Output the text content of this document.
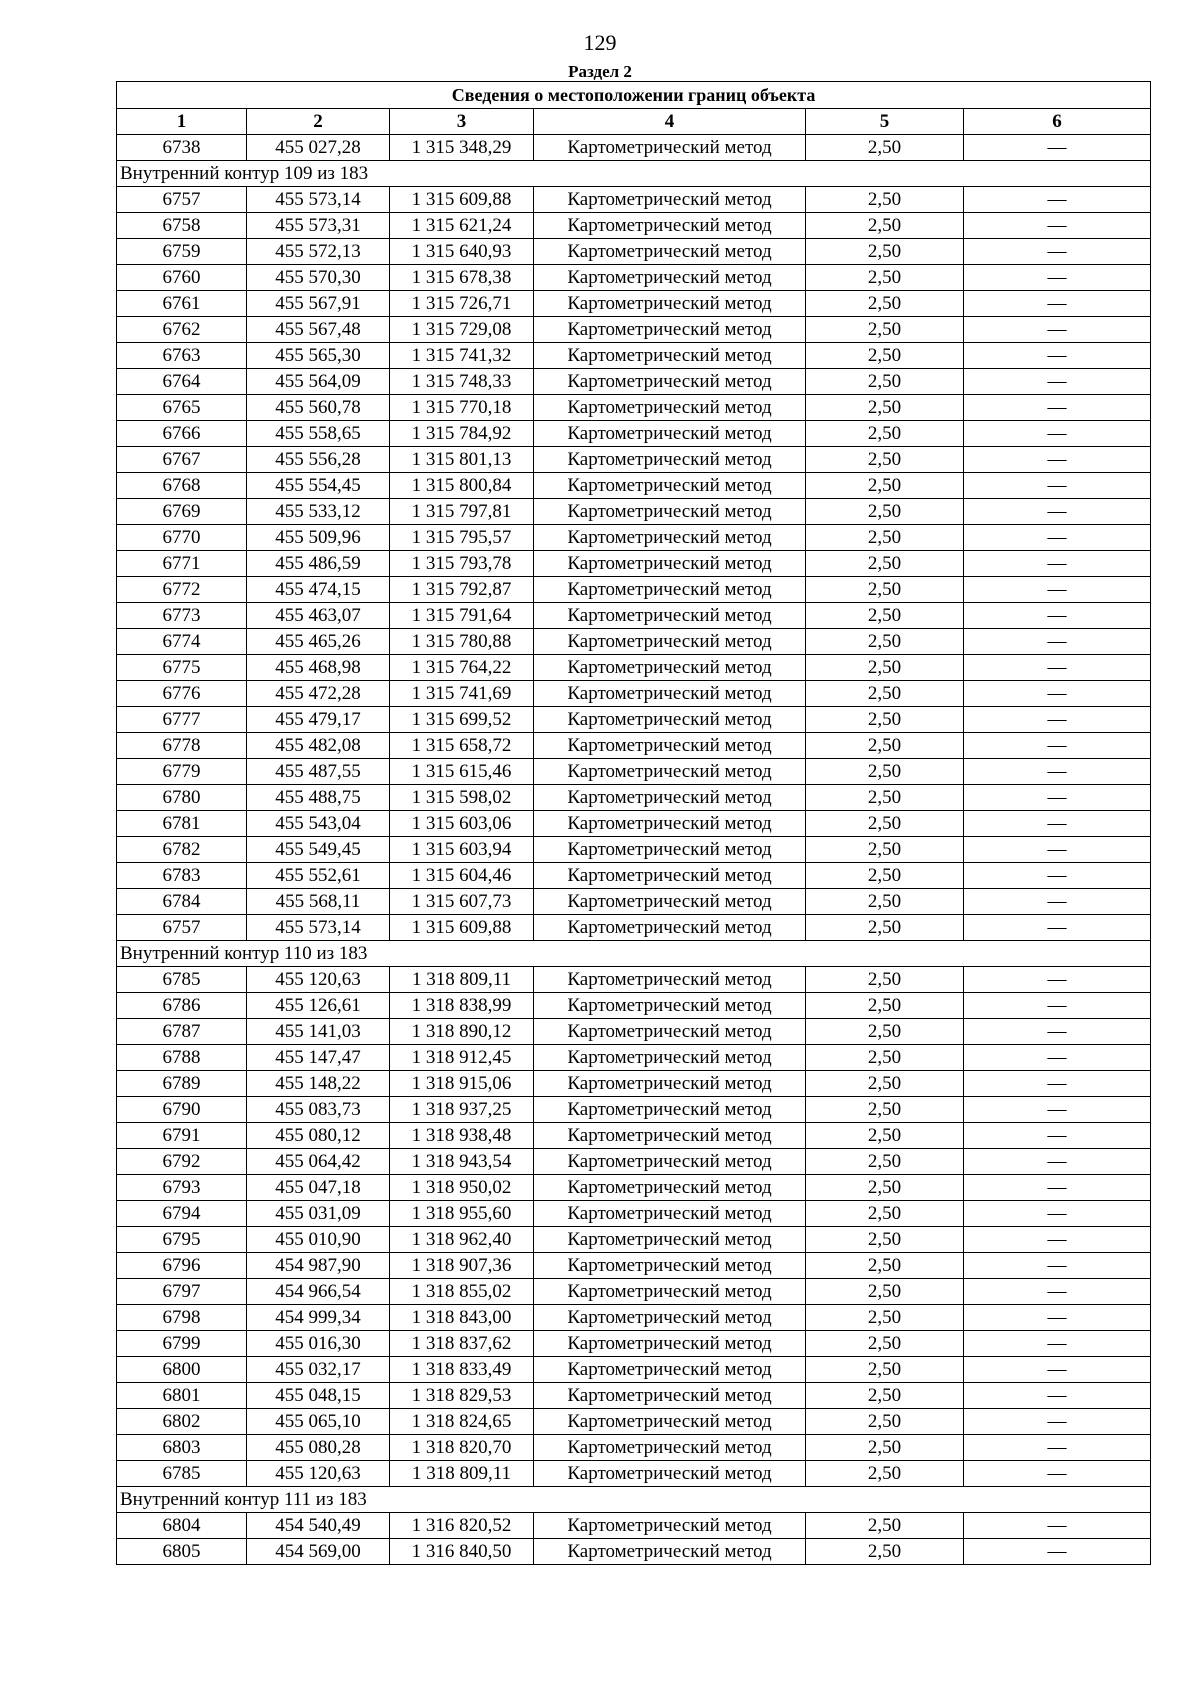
129
Раздел 2
Сведения о местоположении границ объекта					
1	2	3	4	5	6
6738	455 027,28	1 315 348,29	Картометрический метод	2,50	—
Внутренний контур 109 из 183					
6757	455 573,14	1 315 609,88	Картометрический метод	2,50	—
6758	455 573,31	1 315 621,24	Картометрический метод	2,50	—
6759	455 572,13	1 315 640,93	Картометрический метод	2,50	—
6760	455 570,30	1 315 678,38	Картометрический метод	2,50	—
6761	455 567,91	1 315 726,71	Картометрический метод	2,50	—
6762	455 567,48	1 315 729,08	Картометрический метод	2,50	—
6763	455 565,30	1 315 741,32	Картометрический метод	2,50	—
6764	455 564,09	1 315 748,33	Картометрический метод	2,50	—
6765	455 560,78	1 315 770,18	Картометрический метод	2,50	—
6766	455 558,65	1 315 784,92	Картометрический метод	2,50	—
6767	455 556,28	1 315 801,13	Картометрический метод	2,50	—
6768	455 554,45	1 315 800,84	Картометрический метод	2,50	—
6769	455 533,12	1 315 797,81	Картометрический метод	2,50	—
6770	455 509,96	1 315 795,57	Картометрический метод	2,50	—
6771	455 486,59	1 315 793,78	Картометрический метод	2,50	—
6772	455 474,15	1 315 792,87	Картометрический метод	2,50	—
6773	455 463,07	1 315 791,64	Картометрический метод	2,50	—
6774	455 465,26	1 315 780,88	Картометрический метод	2,50	—
6775	455 468,98	1 315 764,22	Картометрический метод	2,50	—
6776	455 472,28	1 315 741,69	Картометрический метод	2,50	—
6777	455 479,17	1 315 699,52	Картометрический метод	2,50	—
6778	455 482,08	1 315 658,72	Картометрический метод	2,50	—
6779	455 487,55	1 315 615,46	Картометрический метод	2,50	—
6780	455 488,75	1 315 598,02	Картометрический метод	2,50	—
6781	455 543,04	1 315 603,06	Картометрический метод	2,50	—
6782	455 549,45	1 315 603,94	Картометрический метод	2,50	—
6783	455 552,61	1 315 604,46	Картометрический метод	2,50	—
6784	455 568,11	1 315 607,73	Картометрический метод	2,50	—
6757	455 573,14	1 315 609,88	Картометрический метод	2,50	—
Внутренний контур 110 из 183					
6785	455 120,63	1 318 809,11	Картометрический метод	2,50	—
6786	455 126,61	1 318 838,99	Картометрический метод	2,50	—
6787	455 141,03	1 318 890,12	Картометрический метод	2,50	—
6788	455 147,47	1 318 912,45	Картометрический метод	2,50	—
6789	455 148,22	1 318 915,06	Картометрический метод	2,50	—
6790	455 083,73	1 318 937,25	Картометрический метод	2,50	—
6791	455 080,12	1 318 938,48	Картометрический метод	2,50	—
6792	455 064,42	1 318 943,54	Картометрический метод	2,50	—
6793	455 047,18	1 318 950,02	Картометрический метод	2,50	—
6794	455 031,09	1 318 955,60	Картометрический метод	2,50	—
6795	455 010,90	1 318 962,40	Картометрический метод	2,50	—
6796	454 987,90	1 318 907,36	Картометрический метод	2,50	—
6797	454 966,54	1 318 855,02	Картометрический метод	2,50	—
6798	454 999,34	1 318 843,00	Картометрический метод	2,50	—
6799	455 016,30	1 318 837,62	Картометрический метод	2,50	—
6800	455 032,17	1 318 833,49	Картометрический метод	2,50	—
6801	455 048,15	1 318 829,53	Картометрический метод	2,50	—
6802	455 065,10	1 318 824,65	Картометрический метод	2,50	—
6803	455 080,28	1 318 820,70	Картометрический метод	2,50	—
6785	455 120,63	1 318 809,11	Картометрический метод	2,50	—
Внутренний контур 111 из 183					
6804	454 540,49	1 316 820,52	Картометрический метод	2,50	—
6805	454 569,00	1 316 840,50	Картометрический метод	2,50	—
